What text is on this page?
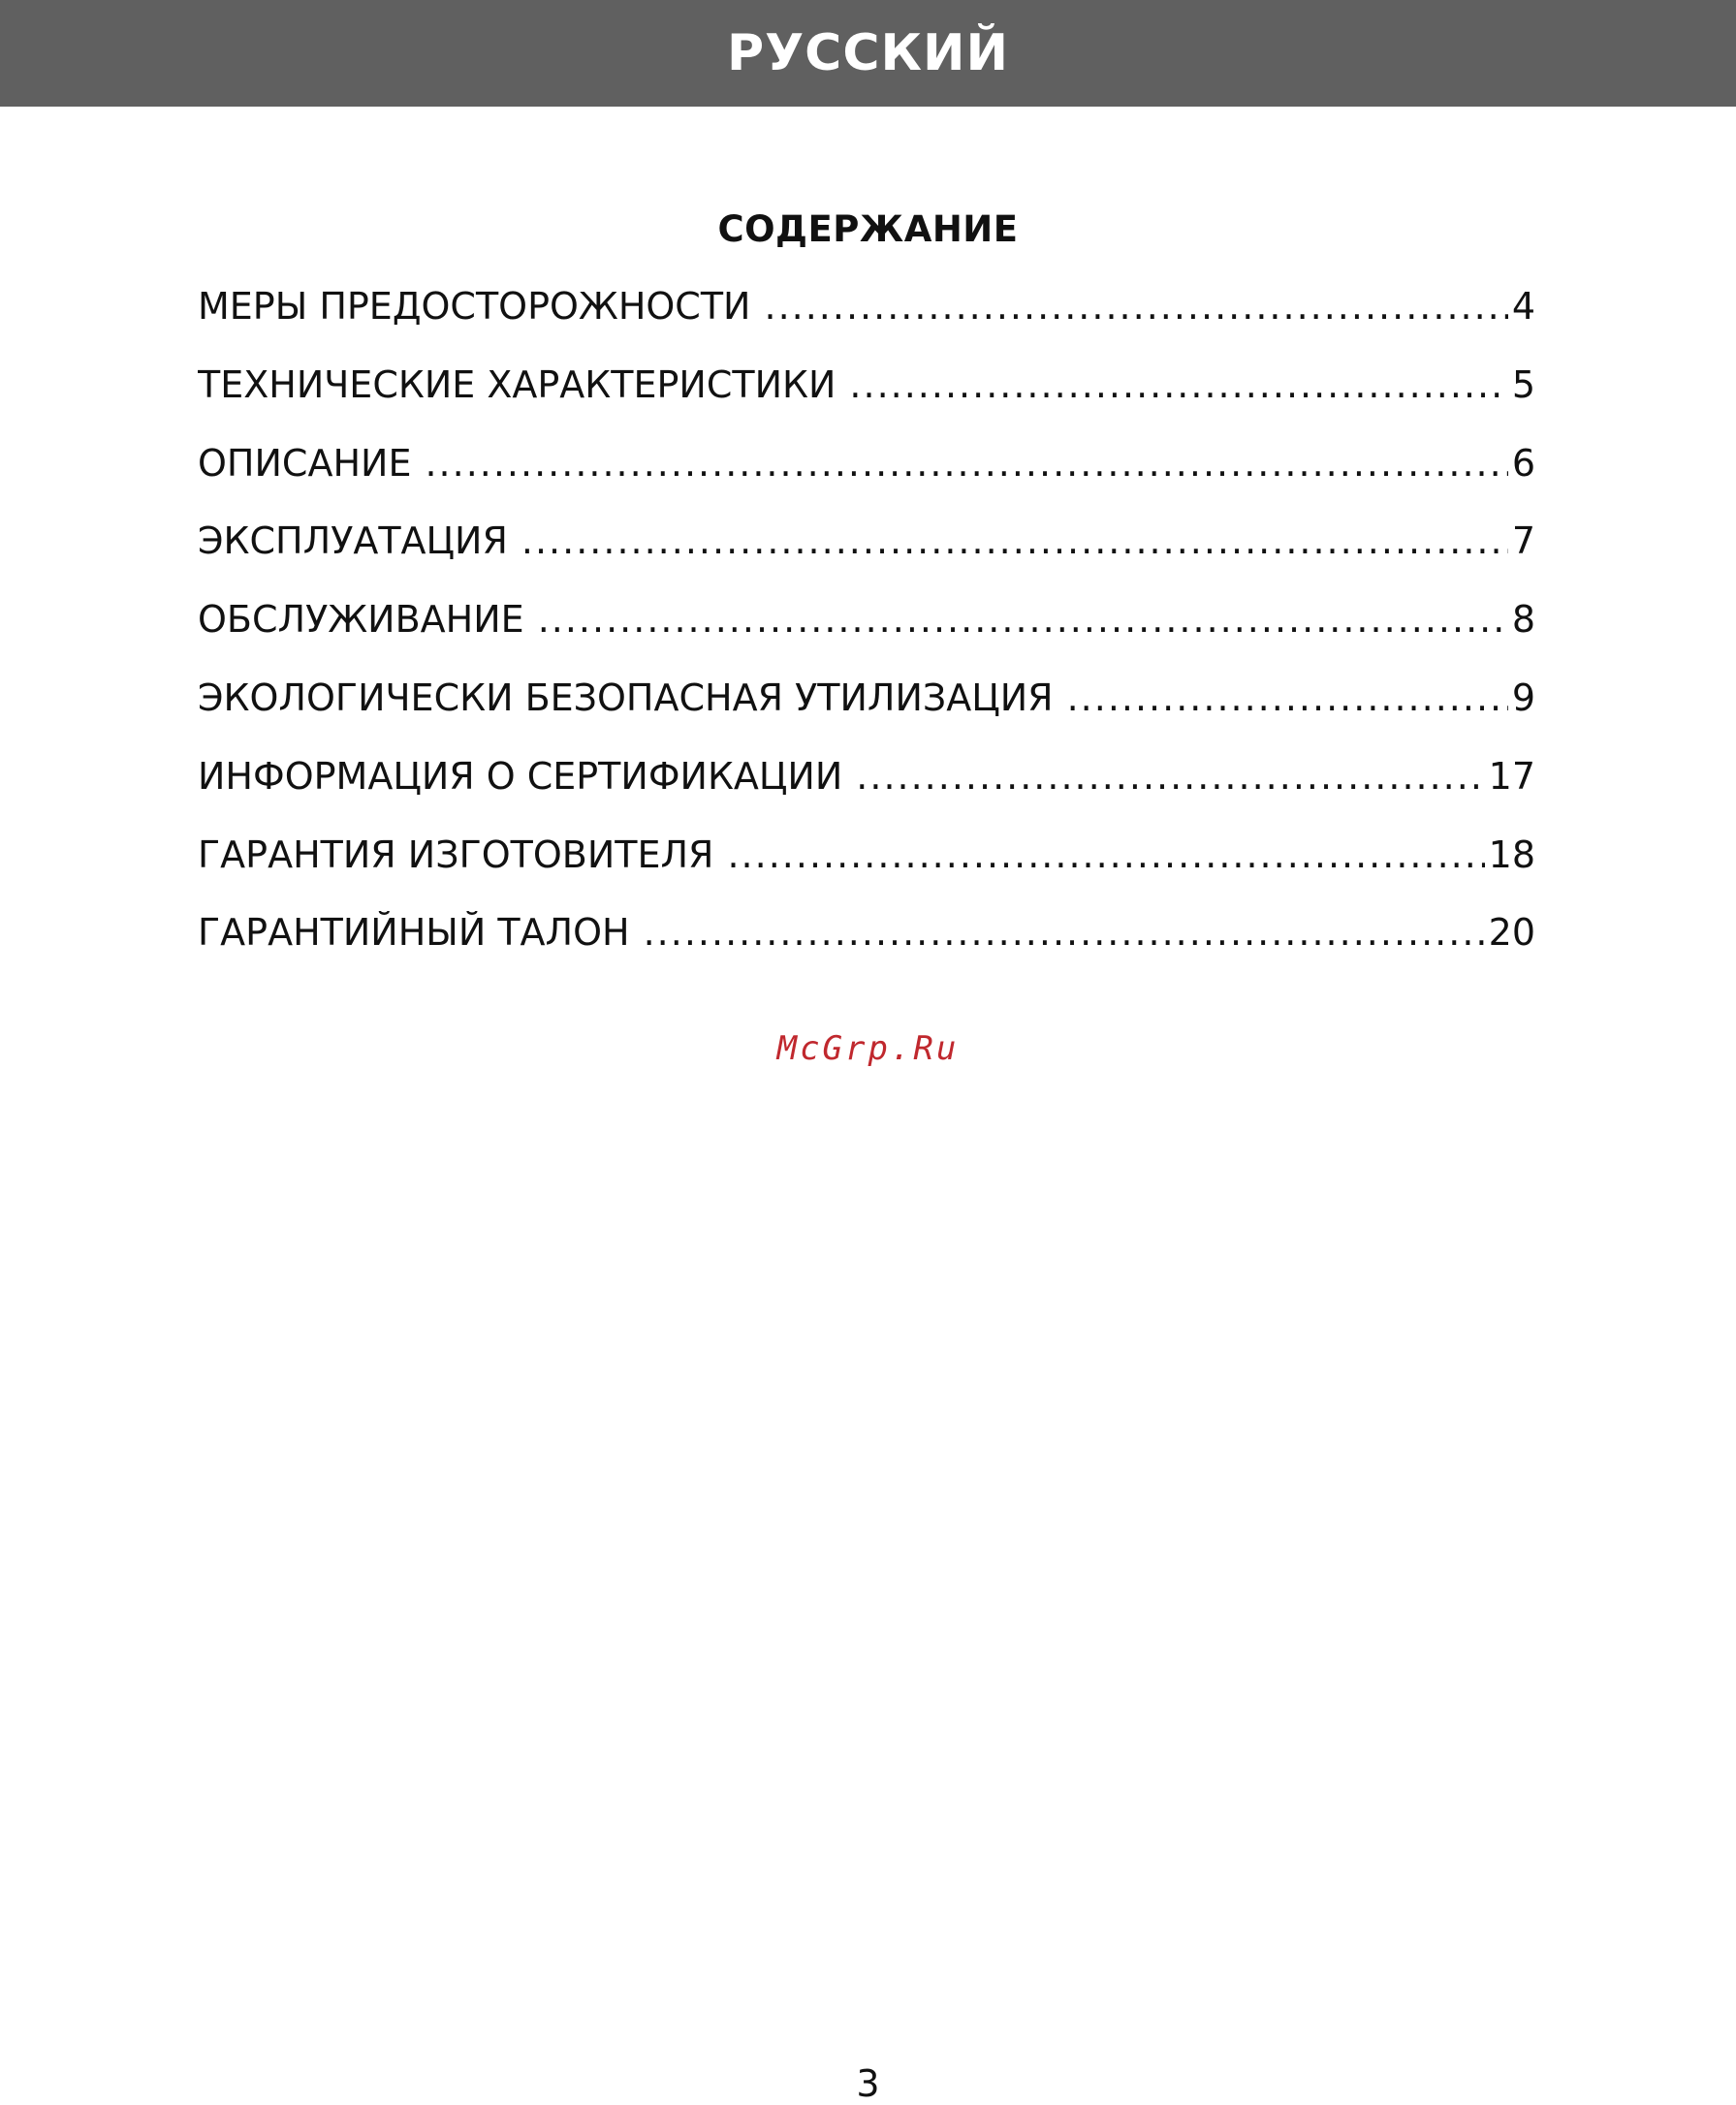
РУССКИЙ
СОДЕРЖАНИЕ
МЕРЫ ПРЕДОСТОРОЖНОСТИ .....	4
ТЕХНИЧЕСКИЕ ХАРАКТЕРИСТИКИ .....	5
ОПИСАНИЕ .....	6
ЭКСПЛУАТАЦИЯ .....	7
ОБСЛУЖИВАНИЕ .....	8
ЭКОЛОГИЧЕСКИ БЕЗОПАСНАЯ УТИЛИЗАЦИЯ .....	9
ИНФОРМАЦИЯ О СЕРТИФИКАЦИИ .....	17
ГАРАНТИЯ ИЗГОТОВИТЕЛЯ .....	18
ГАРАНТИЙНЫЙ ТАЛОН .....	20
McGrp.Ru
3
